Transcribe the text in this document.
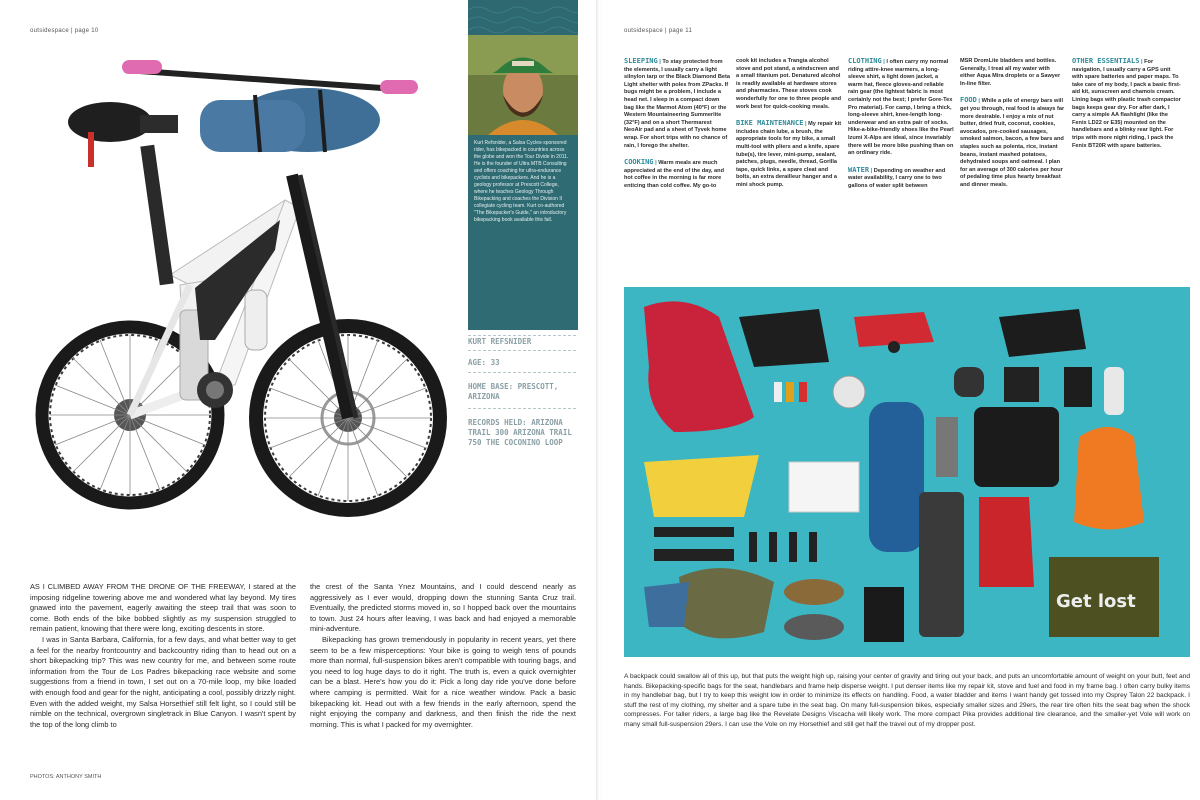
outsidespace | page 10
Kurt Refsnider, a Salsa Cycles-sponsored rider, has bikepacked in countries across the globe and won the Tour Divide in 2011. He is the founder of Ultra MTB Consulting and offers coaching for ultra-endurance cyclists and bikepackers. And he is a geology professor at Prescott College, where he teaches Geology Through Bikepacking and coaches the Division II collegiate cycling team. Kurt co-authored "The Bikepacker's Guide," an introductory bikepacking book available this fall.
KURT REFSNIDER
AGE: 33
HOME BASE: PRESCOTT, ARIZONA
RECORDS HELD: ARIZONA TRAIL 300 ARIZONA TRAIL 750 THE COCONINO LOOP

AS I CLIMBED AWAY FROM THE DRONE OF THE FREEWAY, I stared at the imposing ridgeline towering above me and wondered what lay beyond. My tires gnawed into the pavement, eagerly awaiting the steep trail that was soon to come. Both ends of the bike bobbed slightly as my suspension struggled to remain patient, knowing that there were long, exciting descents in store.

I was in Santa Barbara, California, for a few days, and what better way to get a feel for the nearby frontcountry and backcountry riding than to head out on a short bikepacking trip? This was new country for me, and between some route information from the Tour de Los Padres bikepacking race website and some suggestions from a friend in town, I set out on a 70-mile loop, my bike loaded with enough food and gear for the night, anticipating a cool, possibly drizzly night. Even with the added weight, my Salsa Horsethief still felt light, so I could still be nimble on the technical, overgrown singletrack in Blue Canyon. I wasn't spent by the top of the long climb to

the crest of the Santa Ynez Mountains, and I could descend nearly as aggressively as I ever would, dropping down the stunning Santa Cruz trail. Eventually, the predicted storms moved in, so I hopped back over the mountains to town. Just 24 hours after leaving, I was back and had enjoyed a memorable mini-adventure.

Bikepacking has grown tremendously in popularity in recent years, yet there seem to be a few misperceptions: Your bike is going to weigh tens of pounds more than normal, full-suspension bikes aren't compatible with touring bags, and you need to log huge days to do it right. The truth is, even a quick overnighter can be a blast. Here's how you do it: Pick a long day ride you've done before where camping is permitted. Wait for a nice weather window. Pack a basic bikepacking kit. Head out with a few friends in the early afternoon, spend the night enjoying the company and darkness, and then finish the ride the next morning. This is what I packed for my overnighter.

PHOTOS: ANTHONY SMITH
outsidespace | page 11
SLEEPING | To stay protected from the elements, I usually carry a light silnylon tarp or the Black Diamond Beta Light shelter with poles from ZPacks. If bugs might be a problem, I include a head net. I sleep in a compact down bag like the Marmot Atom (40°F) or the Western Mountaineering Summerlite (32°F) and on a short Thermarest NeoAir pad and a sheet of Tyvek home wrap. For short trips with no chance of rain, I forego the shelter.
COOKING | Warm meals are much appreciated at the end of the day, and hot coffee in the morning is far more enticing than cold coffee. My go-to
cook kit includes a Trangia alcohol stove and pot stand, a windscreen and a small titanium pot. Denatured alcohol is readily available at hardware stores and pharmacies. These stoves cook wonderfully for one to three people and work best for quick-cooking meals.
BIKE MAINTENANCE | My repair kit includes chain lube, a brush, the appropriate tools for my bike, a small multi-tool with pliers and a knife, spare tube(s), tire lever, mini-pump, sealant, patches, plugs, needle, thread, Gorilla tape, quick links, a spare cleat and bolts, an extra derailleur hanger and a mini shock pump.
CLOTHING | I often carry my normal riding attire-knee warmers, a long-sleeve shirt, a light down jacket, a warm hat, fleece gloves-and reliable rain gear (the lightest fabric is most certainly not the best; I prefer Gore-Tex Pro material). For camp, I bring a thick, long-sleeve shirt, knee-length long-underwear and an extra pair of socks. Hike-a-bike-friendly shoes like the Pearl Izumi X-Alps are ideal, since invariably there will be more bike pushing than on an ordinary ride.
WATER | Depending on weather and water availability, I carry one to two gallons of water split between
MSR DromLite bladders and bottles. Generally, I treat all my water with either Aqua Mira droplets or a Sawyer In-line filter.
FOOD | While a pile of energy bars will get you through, real food is always far more desirable. I enjoy a mix of nut butter, dried fruit, coconut, cookies, avocados, pre-cooked sausages, smoked salmon, bacon, a few bars and staples such as polenta, rice, instant beans, instant mashed potatoes, dehydrated soups and oatmeal. I plan for an average of 300 calories per hour of pedaling time plus hearty breakfast and dinner meals.
OTHER ESSENTIALS | For navigation, I usually carry a GPS unit with spare batteries and paper maps. To take care of my body, I pack a basic first-aid kit, sunscreen and chamois cream. Lining bags with plastic trash compactor bags keeps gear dry. For after dark, I carry a simple AA flashlight (like the Fenix LD22 or E35) mounted on the handlebars and a blinky rear light. For trips with more night riding, I pack the Fenix BT20R with spare batteries.
Get lost
A backpack could swallow all of this up, but that puts the weight high up, raising your center of gravity and tiring out your back, and puts an uncomfortable amount of weight on your butt, feet and hands. Bikepacking-specific bags for the seat, handlebars and frame help disperse weight. I put denser items like my repair kit, stove and fuel and food in my frame bag. I often carry bulky items in my handlebar bag, but I try to keep this weight low in order to minimize its effects on handling. Food, a water bladder and items I want handy get tossed into my Osprey Talon 22 backpack. I stuff the rest of my clothing, my shelter and a spare tube in the seat bag. On many full-suspension bikes, especially smaller sizes and 29ers, the rear tire often hits the seat bag when the shock compresses. For taller riders, a large bag like the Revelate Designs Viscacha will likely work. The more compact Pika provides additional tire clearance, and the smaller-yet Vole will work on many small full-suspension 29ers. I can use the Vole on my Horsethief and still get half the travel out of my dropper post.
